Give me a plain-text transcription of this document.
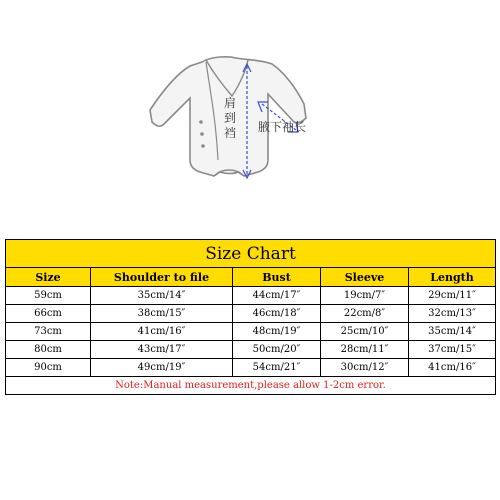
肩
到
裆 腋下袖长
Size Chart				
Size	Shoulder to file	Bust	Sleeve	Length
59cm	35cm/14″	44cm/17″	19cm/7″	29cm/11″
66cm	38cm/15″	46cm/18″	22cm/8″	32cm/13″
73cm	41cm/16″	48cm/19″	25cm/10″	35cm/14″
80cm	43cm/17″	50cm/20″	28cm/11″	37cm/15″
90cm	49cm/19″	54cm/21″	30cm/12″	41cm/16″
Note:Manual measurement,please allow 1-2cm error.				
